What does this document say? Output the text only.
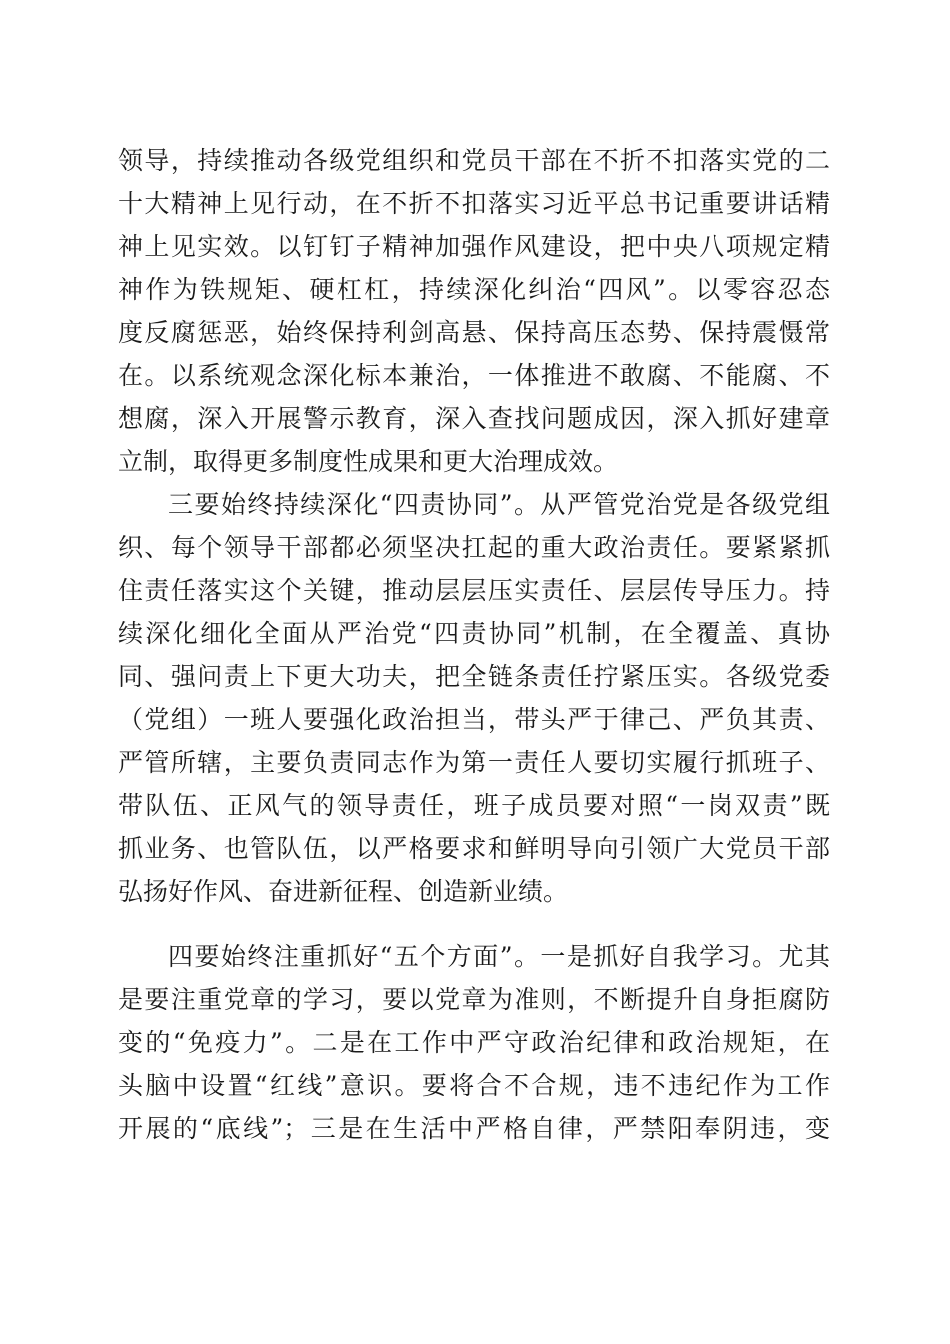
领导，持续推动各级党组织和党员干部在不折不扣落实党的二
十大精神上见行动，在不折不扣落实习近平总书记重要讲话精
神上见实效。以钉钉子精神加强作风建设，把中央八项规定精
神作为铁规矩、硬杠杠，持续深化纠治“四风”。以零容忍态
度反腐惩恶，始终保持利剑高悬、保持高压态势、保持震慑常
在。以系统观念深化标本兼治，一体推进不敢腐、不能腐、不
想腐，深入开展警示教育，深入查找问题成因，深入抓好建章
立制，取得更多制度性成果和更大治理成效。
三要始终持续深化“四责协同”。从严管党治党是各级党组
织、每个领导干部都必须坚决扛起的重大政治责任。要紧紧抓
住责任落实这个关键，推动层层压实责任、层层传导压力。持
续深化细化全面从严治党“四责协同”机制，在全覆盖、真协
同、强问责上下更大功夫，把全链条责任拧紧压实。各级党委
（党组）一班人要强化政治担当，带头严于律己、严负其责、
严管所辖，主要负责同志作为第一责任人要切实履行抓班子、
带队伍、正风气的领导责任，班子成员要对照“一岗双责”既
抓业务、也管队伍，以严格要求和鲜明导向引领广大党员干部
弘扬好作风、奋进新征程、创造新业绩。
四要始终注重抓好“五个方面”。一是抓好自我学习。尤其
是要注重党章的学习，要以党章为准则，不断提升自身拒腐防
变的“免疫力”。二是在工作中严守政治纪律和政治规矩，在
头脑中设置“红线”意识。要将合不合规，违不违纪作为工作
开展的“底线”；三是在生活中严格自律，严禁阳奉阴违，变
